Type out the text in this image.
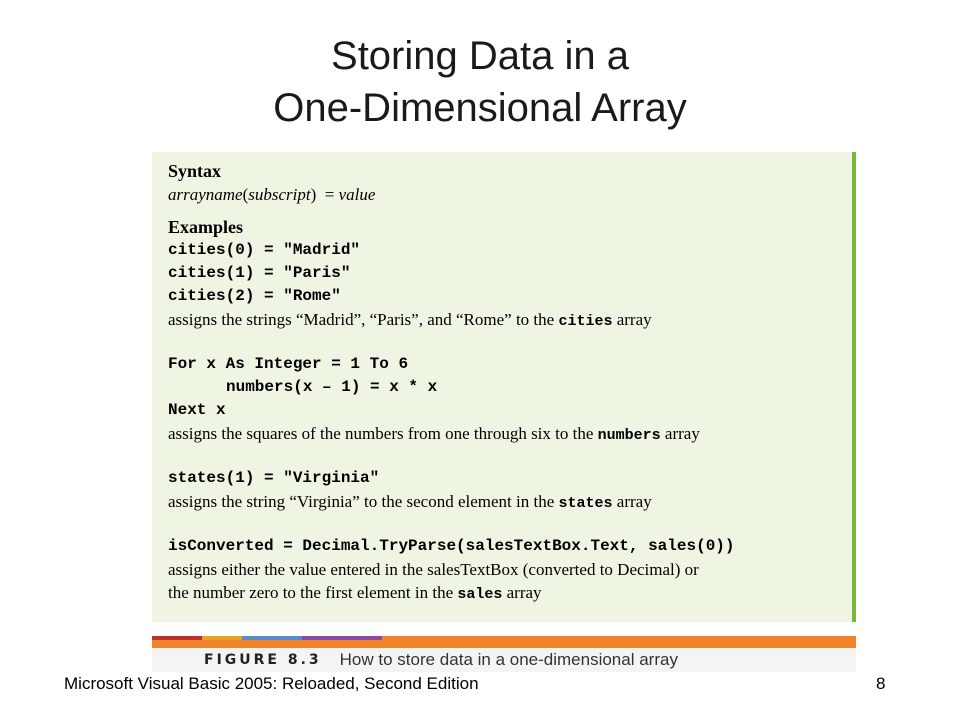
Storing Data in a
One-Dimensional Array
Syntax
arrayname(subscript)  = value
Examples
cities(0) = "Madrid"
cities(1) = "Paris"
cities(2) = "Rome"
assigns the strings “Madrid”, “Paris”, and “Rome” to the cities array
For x As Integer = 1 To 6
numbers(x – 1) = x * x
Next x
assigns the squares of the numbers from one through six to the numbers array
states(1) = "Virginia"
assigns the string “Virginia” to the second element in the states array
isConverted = Decimal.TryParse(salesTextBox.Text, sales(0))
assigns either the value entered in the salesTextBox (converted to Decimal) or
the number zero to the first element in the sales array
FIGURE 8.3 How to store data in a one-dimensional array
Microsoft Visual Basic 2005: Reloaded, Second Edition	8
